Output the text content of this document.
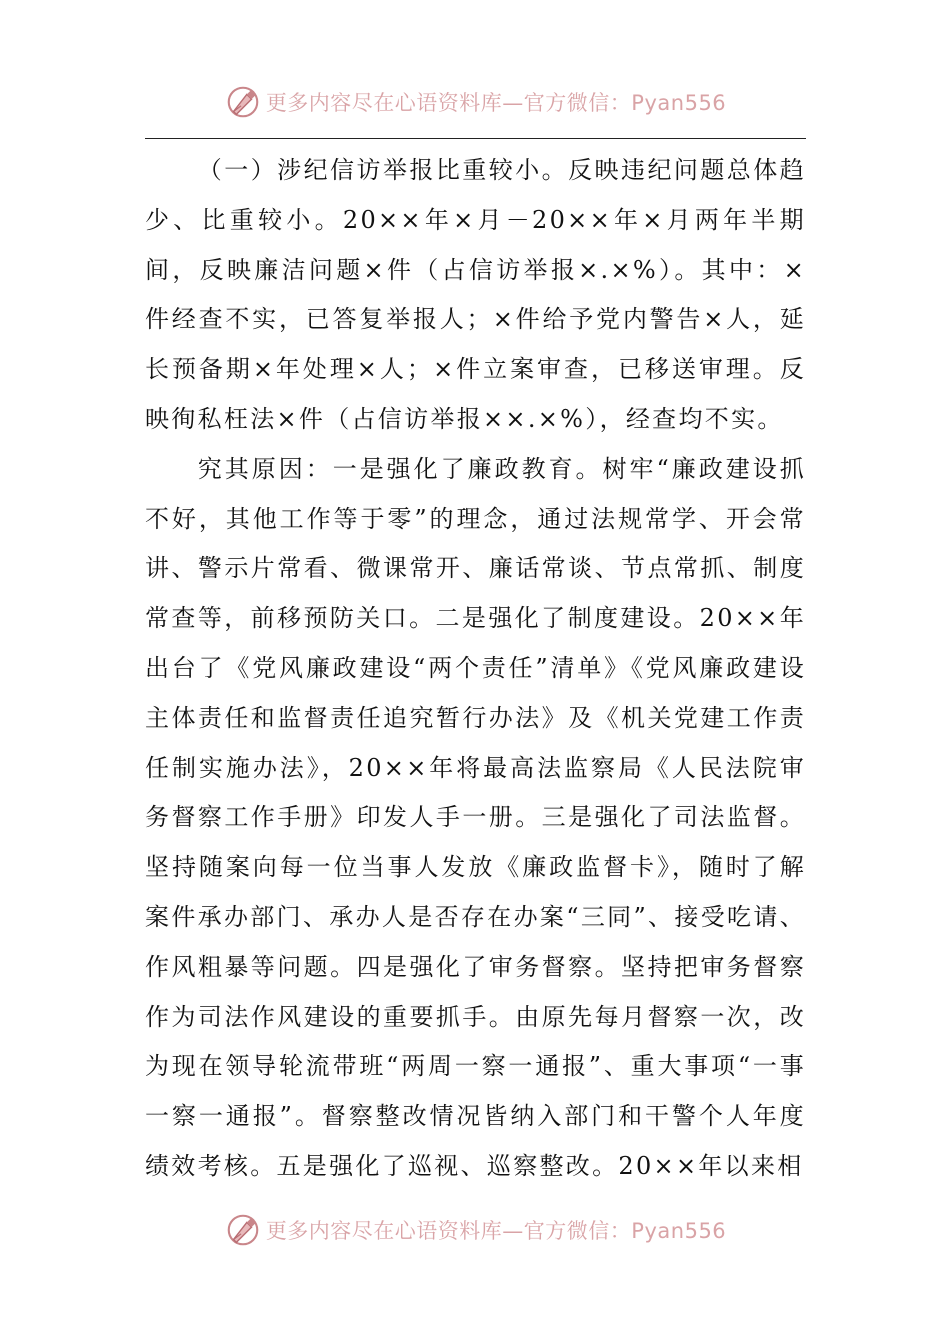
更多内容尽在心语资料库—官方微信：Pyan556

（一）涉纪信访举报比重较小。反映违纪问题总体趋少、比重较小。20××年×月－20××年×月两年半期间，反映廉洁问题×件（占信访举报×.×%）。其中：×件经查不实，已答复举报人；×件给予党内警告×人，延长预备期×年处理×人；×件立案审查，已移送审理。反映徇私枉法×件（占信访举报××.×%），经查均不实。

究其原因：一是强化了廉政教育。树牢“廉政建设抓不好，其他工作等于零”的理念，通过法规常学、开会常讲、警示片常看、微课常开、廉话常谈、节点常抓、制度常查等，前移预防关口。二是强化了制度建设。20××年出台了《党风廉政建设“两个责任”清单》《党风廉政建设主体责任和监督责任追究暂行办法》及《机关党建工作责任制实施办法》，20××年将最高法监察局《人民法院审务督察工作手册》印发人手一册。三是强化了司法监督。坚持随案向每一位当事人发放《廉政监督卡》，随时了解案件承办部门、承办人是否存在办案“三同”、接受吃请、作风粗暴等问题。四是强化了审务督察。坚持把审务督察作为司法作风建设的重要抓手。由原先每月督察一次，改为现在领导轮流带班“两周一察一通报”、重大事项“一事一察一通报”。督察整改情况皆纳入部门和干警个人年度绩效考核。五是强化了巡视、巡察整改。20××年以来相

更多内容尽在心语资料库—官方微信：Pyan556
